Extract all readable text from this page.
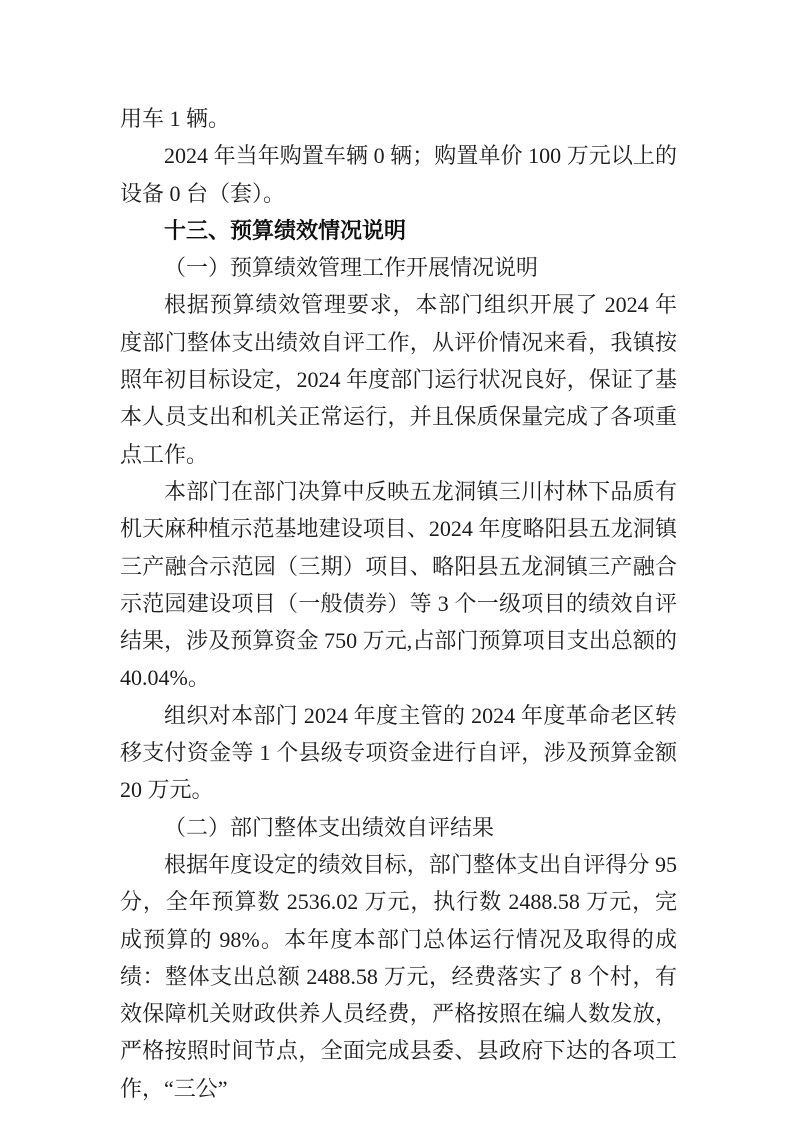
用车 1 辆。

2024 年当年购置车辆 0 辆；购置单价 100 万元以上的设备 0 台（套）。

十三、预算绩效情况说明

（一）预算绩效管理工作开展情况说明

根据预算绩效管理要求，本部门组织开展了 2024 年度部门整体支出绩效自评工作，从评价情况来看，我镇按照年初目标设定，2024 年度部门运行状况良好，保证了基本人员支出和机关正常运行，并且保质保量完成了各项重点工作。

本部门在部门决算中反映五龙洞镇三川村林下品质有机天麻种植示范基地建设项目、2024 年度略阳县五龙洞镇三产融合示范园（三期）项目、略阳县五龙洞镇三产融合示范园建设项目（一般债券）等 3 个一级项目的绩效自评结果，涉及预算资金 750 万元,占部门预算项目支出总额的 40.04%。

组织对本部门 2024 年度主管的 2024 年度革命老区转移支付资金等 1 个县级专项资金进行自评，涉及预算金额 20 万元。

（二）部门整体支出绩效自评结果

根据年度设定的绩效目标，部门整体支出自评得分 95 分，全年预算数 2536.02 万元，执行数 2488.58 万元，完成预算的 98%。本年度本部门总体运行情况及取得的成绩：整体支出总额 2488.58 万元，经费落实了 8 个村，有效保障机关财政供养人员经费，严格按照在编人数发放，严格按照时间节点，全面完成县委、县政府下达的各项工作，“三公”
